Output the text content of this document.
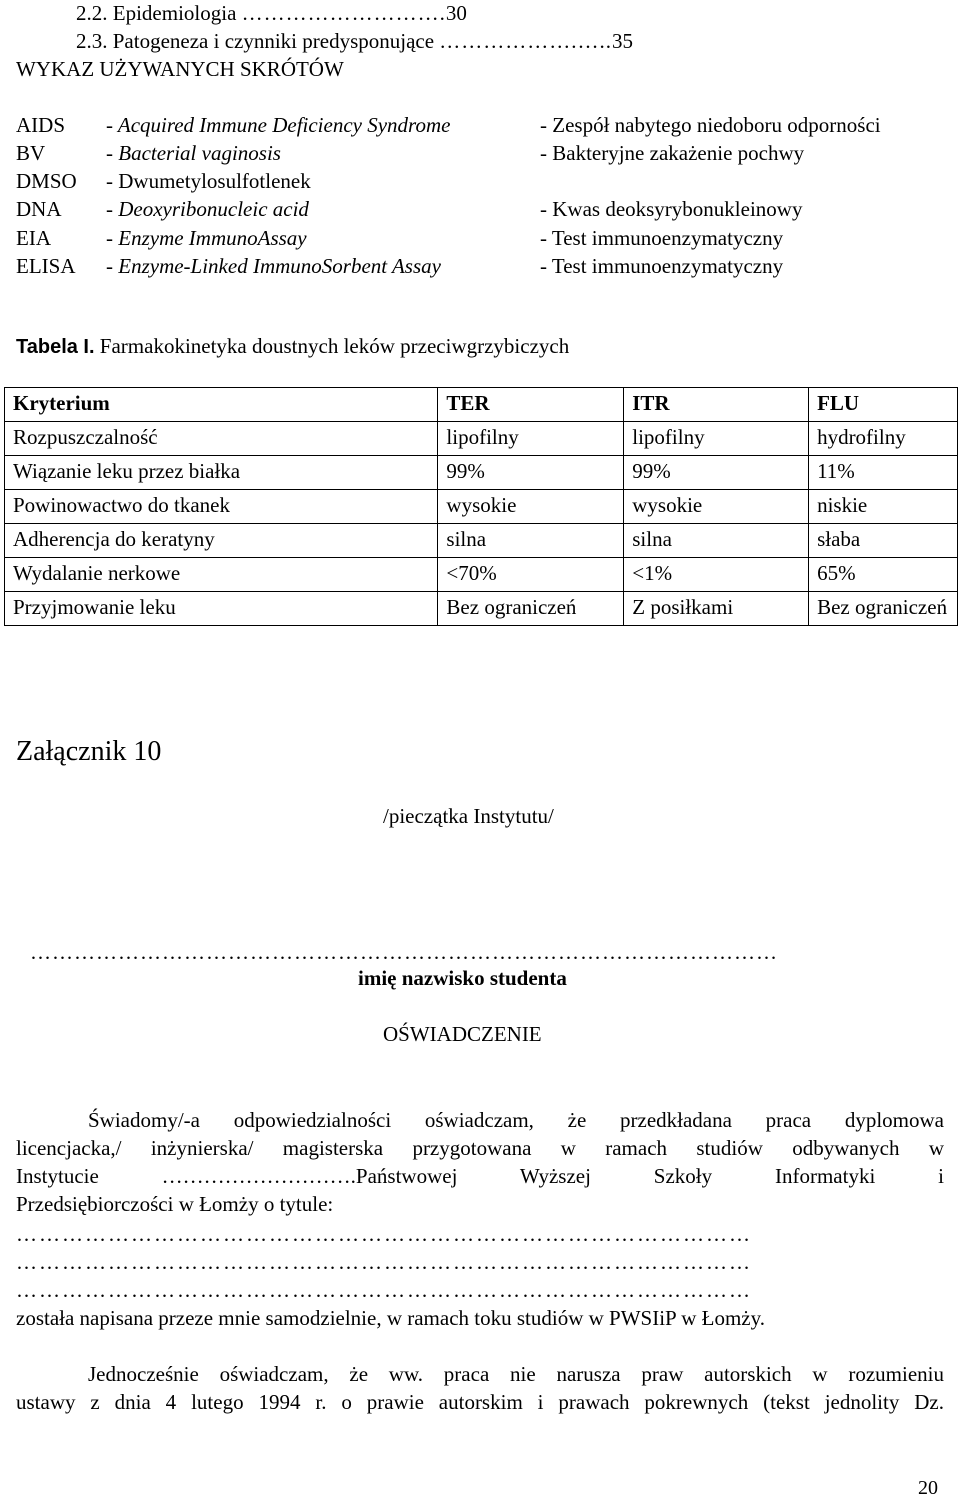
2.2. Epidemiologia ……………………….30
2.3. Patogeneza i czynniki predysponujące ……………….…..35
WYKAZ UŻYWANYCH SKRÓTÓW
AIDS - Acquired Immune Deficiency Syndrome	- Zespół nabytego niedoboru odporności
BV	- Bacterial vaginosis	- Bakteryjne zakażenie pochwy
DMSO - Dwumetylosulfotlenek
DNA - Deoxyribonucleic acid	- Kwas deoksyrybonukleinowy
EIA	- Enzyme ImmunoAssay	- Test immunoenzymatyczny
ELISA - Enzyme-Linked ImmunoSorbent Assay	- Test immunoenzymatyczny
Tabela I. Farmakokinetyka doustnych leków przeciwgrzybiczych
Kryterium	TER	ITR	FLU
Rozpuszczalność	lipofilny	lipofilny	hydrofilny
Wiązanie leku przez białka	99%	99%	11%
Powinowactwo do tkanek	wysokie	wysokie	niskie
Adherencja do keratyny	silna	silna	słaba
Wydalanie nerkowe	<70%	<1%	65%
Przyjmowanie leku	Bez ograniczeń	Z posiłkami	Bez ograniczeń
Załącznik 10
/pieczątka Instytutu/
…………………………………………………………………………………………
imię nazwisko studenta
OŚWIADCZENIE
Świadomy/-a odpowiedzialności oświadczam, że przedkładana praca dyplomowa
licencjacka,/ inżynierska/ magisterska przygotowana w ramach studiów odbywanych w
Instytucie ……………………….Państwowej Wyższej Szkoły Informatyki i
Przedsiębiorczości w Łomży o tytule:
……………………………………………………………………………………
……………………………………………………………………………………
……………………………………………………………………………………
została napisana przeze mnie samodzielnie, w ramach toku studiów w PWSIiP w Łomży.
Jednocześnie oświadczam, że ww. praca nie narusza praw autorskich w rozumieniu
ustawy z dnia 4 lutego 1994 r. o prawie autorskim i prawach pokrewnych (tekst jednolity Dz.
20
